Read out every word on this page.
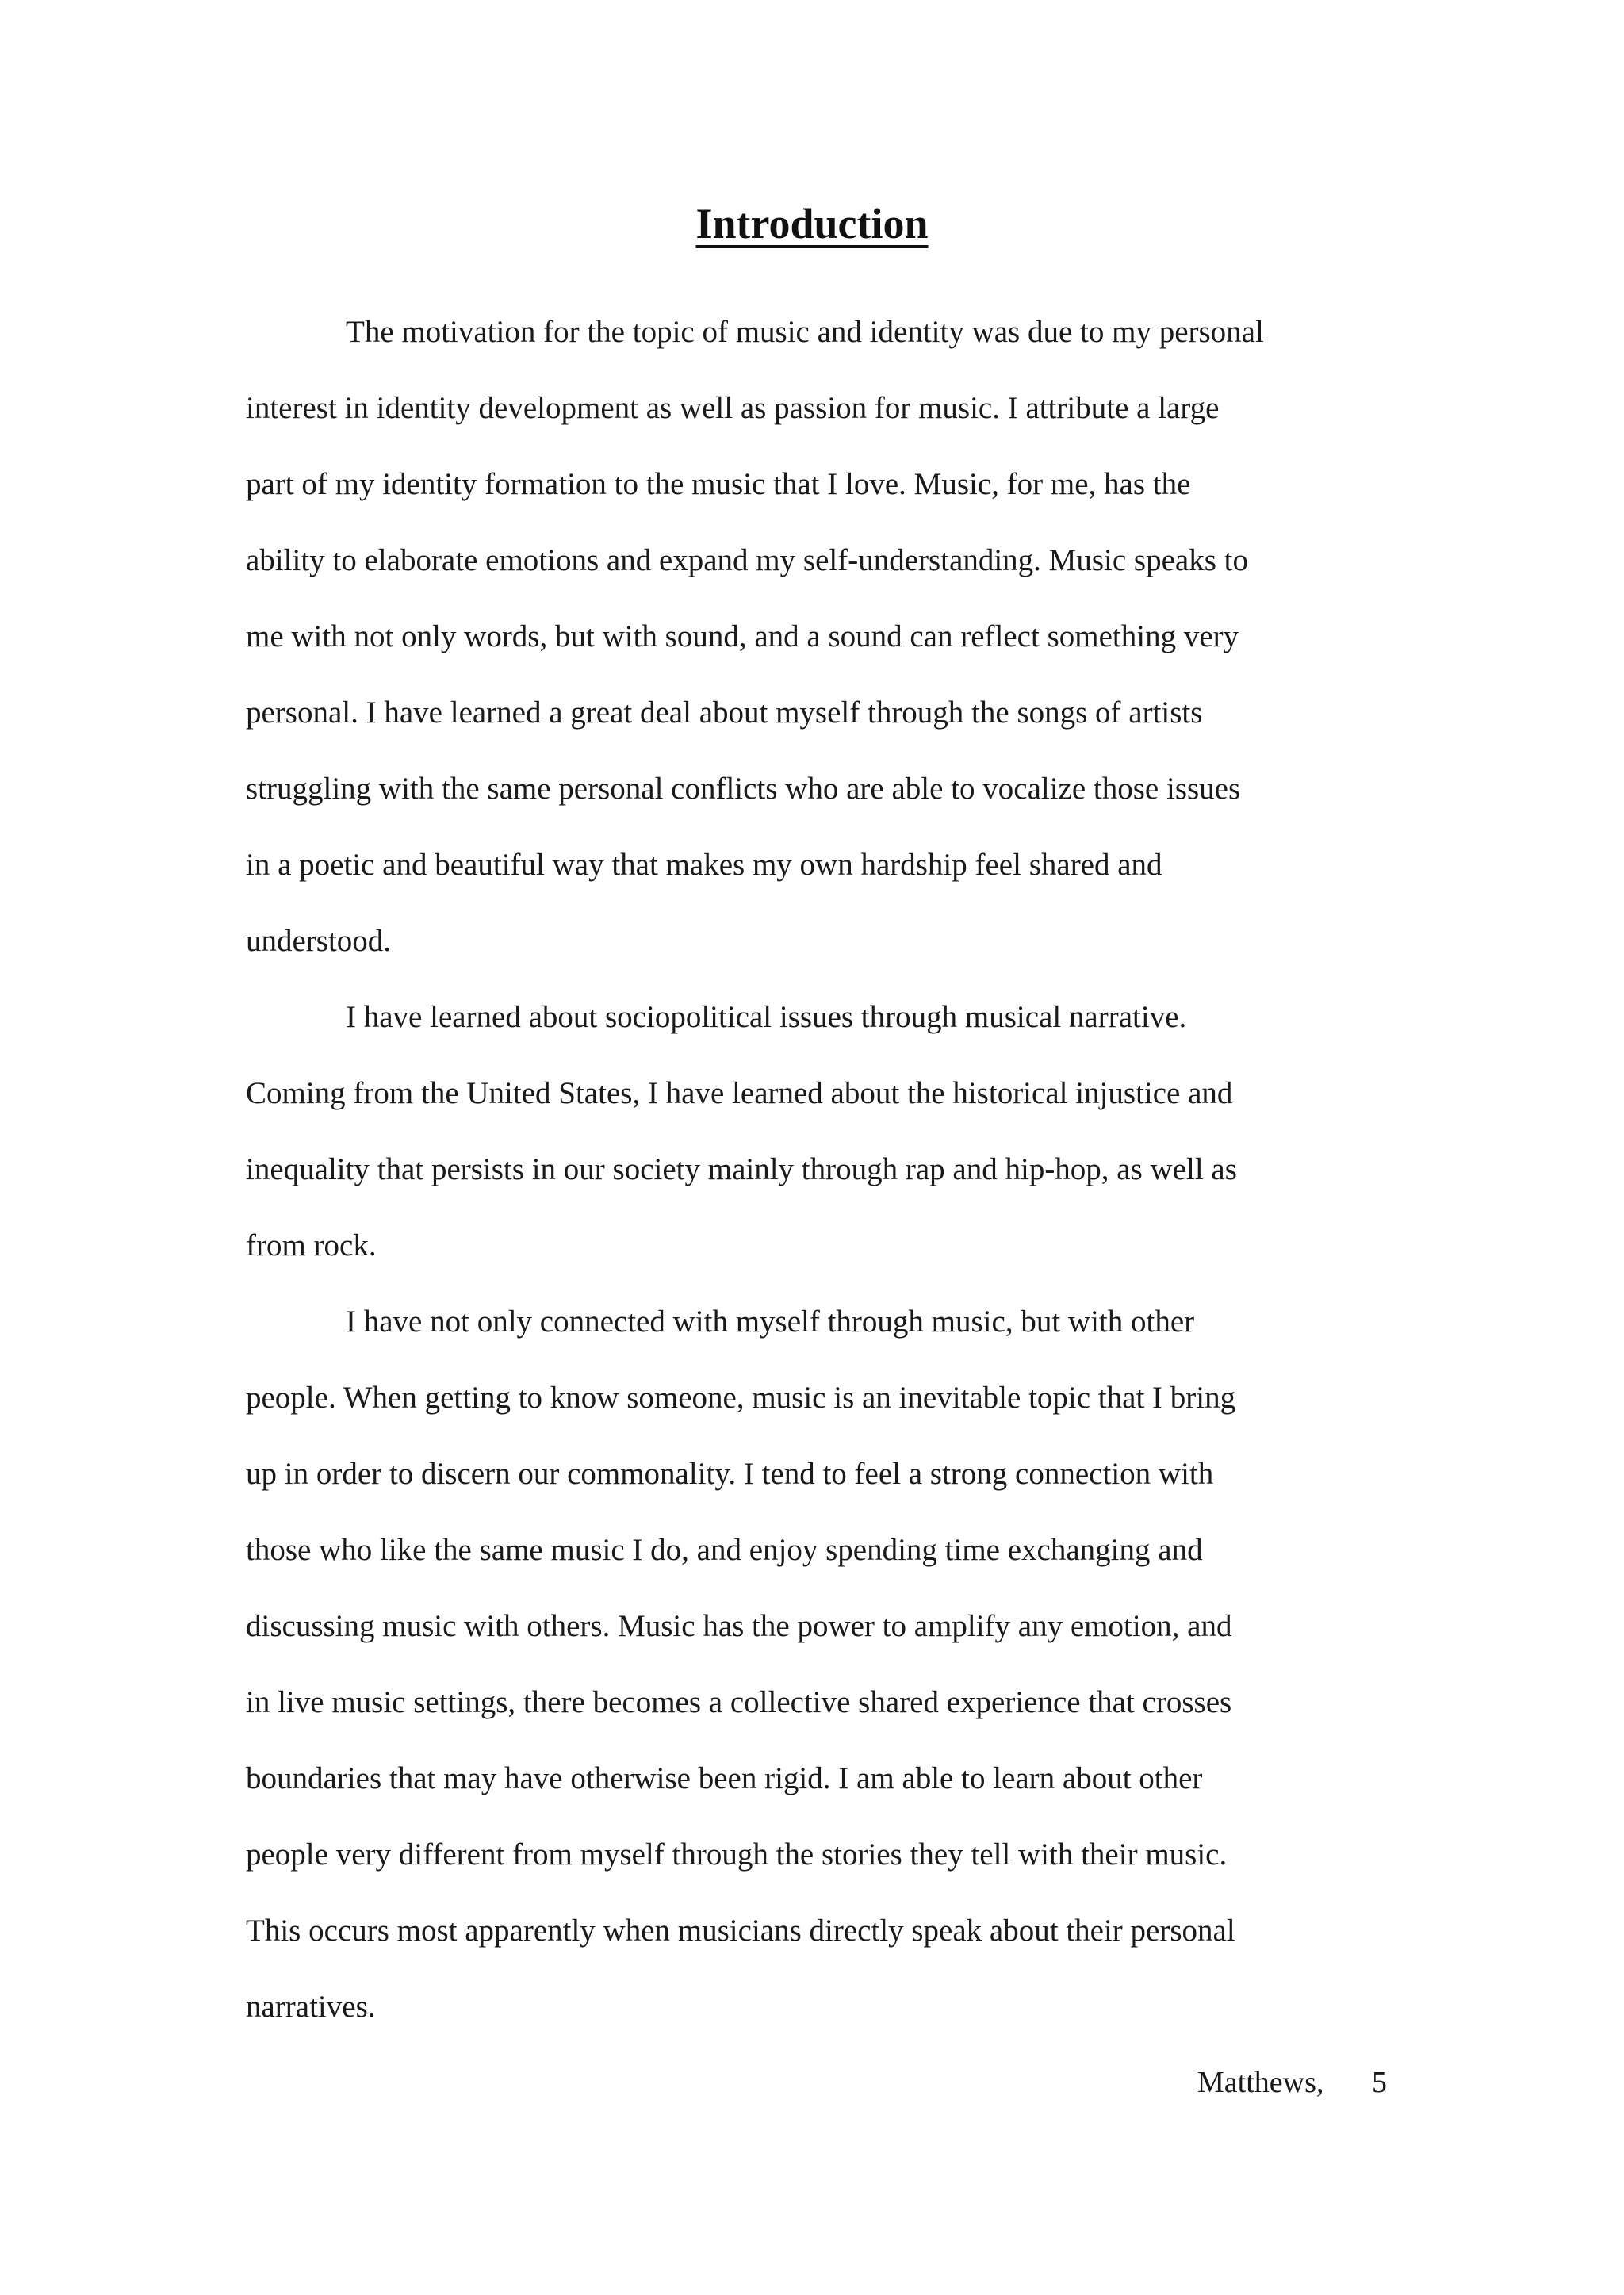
Introduction

The motivation for the topic of music and identity was due to my personal
interest in identity development as well as passion for music. I attribute a large
part of my identity formation to the music that I love. Music, for me, has the
ability to elaborate emotions and expand my self-understanding. Music speaks to
me with not only words, but with sound, and a sound can reflect something very
personal. I have learned a great deal about myself through the songs of artists
struggling with the same personal conflicts who are able to vocalize those issues
in a poetic and beautiful way that makes my own hardship feel shared and
understood.

I have learned about sociopolitical issues through musical narrative.
Coming from the United States, I have learned about the historical injustice and
inequality that persists in our society mainly through rap and hip-hop, as well as
from rock.

I have not only connected with myself through music, but with other
people. When getting to know someone, music is an inevitable topic that I bring
up in order to discern our commonality. I tend to feel a strong connection with
those who like the same music I do, and enjoy spending time exchanging and
discussing music with others. Music has the power to amplify any emotion, and
in live music settings, there becomes a collective shared experience that crosses
boundaries that may have otherwise been rigid. I am able to learn about other
people very different from myself through the stories they tell with their music.
This occurs most apparently when musicians directly speak about their personal
narratives.

Matthews, 5
